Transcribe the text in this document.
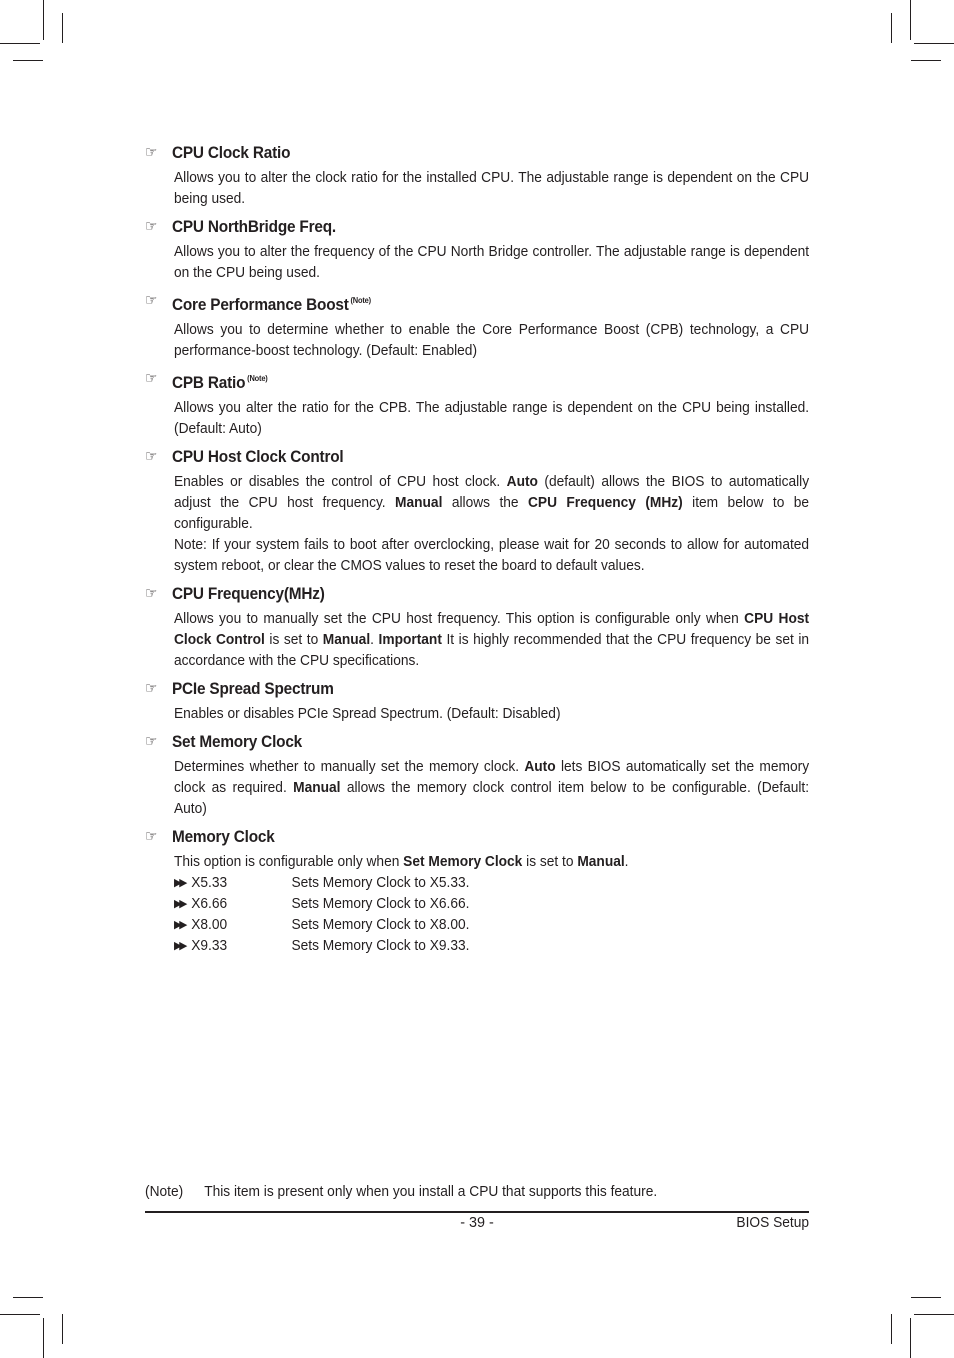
☞ CPU Clock Ratio

Allows you to alter the clock ratio for the installed CPU. The adjustable range is dependent on the CPU being used.

☞ CPU NorthBridge Freq.

Allows you to alter the frequency of the CPU North Bridge controller. The adjustable range is dependent on the CPU being used.

☞ Core Performance Boost $^{(Note)}$

Allows you to determine whether to enable the Core Performance Boost (CPB) technology, a CPU performance-boost technology. (Default: Enabled)

☞ CPB Ratio $^{(Note)}$

Allows you alter the ratio for the CPB. The adjustable range is dependent on the CPU being installed. (Default: Auto)

☞ CPU Host Clock Control

Enables or disables the control of CPU host clock. Auto (default) allows the BIOS to automatically adjust the CPU host frequency. Manual allows the CPU Frequency (MHz) item below to be configurable.

Note: If your system fails to boot after overclocking, please wait for 20 seconds to allow for automated system reboot, or clear the CMOS values to reset the board to default values.

☞ CPU Frequency(MHz)

Allows you to manually set the CPU host frequency. This option is configurable only when CPU Host Clock Control is set to Manual. Important It is highly recommended that the CPU frequency be set in accordance with the CPU specifications.

☞ PCIe Spread Spectrum

Enables or disables PCIe Spread Spectrum. (Default: Disabled)

☞ Set Memory Clock

Determines whether to manually set the memory clock. Auto lets BIOS automatically set the memory clock as required. Manual allows the memory clock control item below to be configurable. (Default: Auto)

☞ Memory Clock

This option is configurable only when Set Memory Clock is set to Manual.

▶▶ X5.33	Sets Memory Clock to X5.33.
▶▶ X6.66	Sets Memory Clock to X6.66.
▶▶ X8.00	Sets Memory Clock to X8.00.
▶▶ X9.33	Sets Memory Clock to X9.33.
(Note) This item is present only when you install a CPU that supports this feature.
- 39 -	BIOS Setup
